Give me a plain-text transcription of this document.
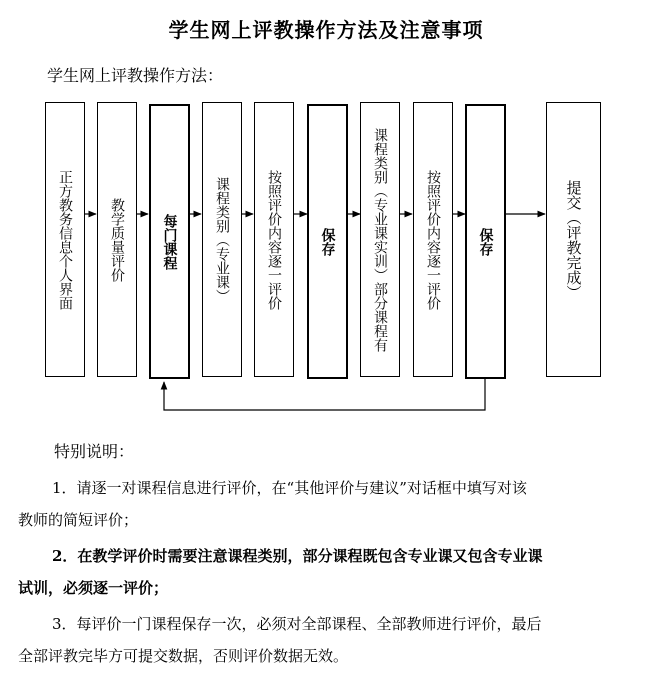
学生网上评教操作方法及注意事项
学生网上评教操作方法：
正方教务信息个人界面	教学质量评价	每门课程	课程类别（专业课）	按照评价内容逐一评价	保存	课程类别（专业课实训）部分课程有	按照评价内容逐一评价	保存	提交（评教完成）
特别说明：
1．请逐一对课程信息进行评价，在“其他评价与建议”对话框中填写对该
教师的简短评价；
2．在教学评价时需要注意课程类别，部分课程既包含专业课又包含专业课
试训，必须逐一评价；
3．每评价一门课程保存一次，必须对全部课程、全部教师进行评价，最后
全部评教完毕方可提交数据，否则评价数据无效。
